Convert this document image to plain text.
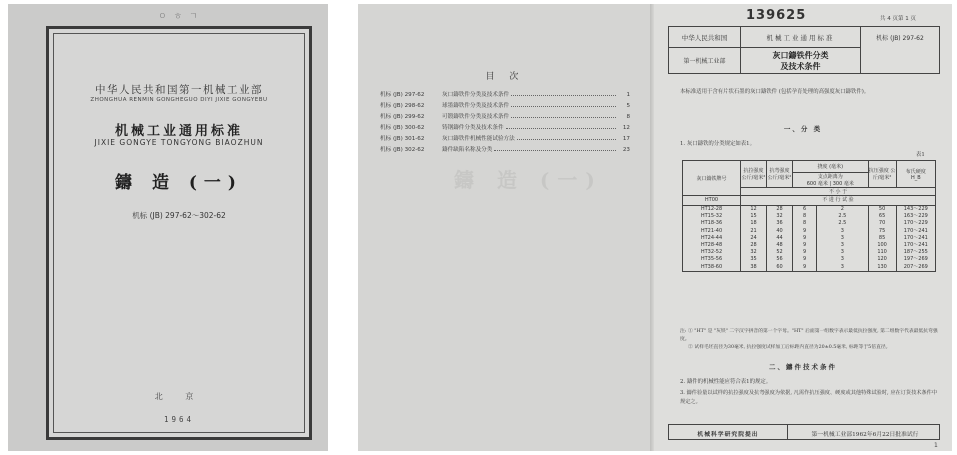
ㅇ ㅎ ㄱ
中华人民共和国第一机械工业部
ZHONGHUA RENMIN GONGHEGUO DIYI JIXIE GONGYEBU
机械工业通用标准
JIXIE GONGYE TONGYONG BIAOZHUN
鑄 造 (一)
机标 (JB) 297-62～302-62
北 京
1964
鑄 造 (一)
目 次
机标 (JB) 297-62	灰口鑄铁件分类及技术条件	1
机标 (JB) 298-62	球墨鑄铁件分类及技术条件	5
机标 (JB) 299-62	可锻鑄铁件分类及技术条件	8
机标 (JB) 300-62	铸钢鑄件分类及技术条件	12
机标 (JB) 301-62	灰口鑄铁件机械性能试验方法	17
机标 (JB) 302-62	鑄件缺陷名称及分类	23
139625	共 4 页第 1 页
中华人民共和国
第一机械工业部
机械工业通用标准
灰口鑄铁件分类
及技术条件
机标 (JB) 297-62
本标准适用于含有片状石墨的灰口鑄铁件 (包括孕育处理的高强度灰口鑄铁件)。
一、分 类
1. 灰口鑄铁的分类规定如表1。
表1
灰口鑄铁牌号	抗拉强度 公斤/毫米²	抗弯强度 公斤/毫米²	挠度 (毫米)		抗压强度 公斤/毫米²	布氏硬度
H_B
			支点距离为
600 毫米 | 300 毫米			
	不 小 于					
HT00	不 进 行 试 验					
HT12-28	12	28	6	2	50	143～229
HT15-32	15	32	8	2.5	65	163～229
HT18-36	18	36	8	2.5	70	170～229
HT21-40	21	40	9	3	75	170～241
HT24-44	24	44	9	3	85	170～241
HT28-48	28	48	9	3	100	170～241
HT32-52	32	52	9	3	110	187～255
HT35-56	35	56	9	3	120	197～269
HT38-60	38	60	9	3	130	207～269
注: ① "HT" 是 "灰铁" 二字汉字拼音的第一个字母。"HT" 后面第一组数字表示最低抗拉强度, 第二组数字代表最低抗弯强度。
② 试样毛坯直径为30毫米, 抗拉强度试样加工后标距内直径为20±0.5毫米, 标距等于5倍直径。
二、鑄件技术条件
2. 鑄件的机械性能应符合表1的规定。
3. 鑄件验量以试样的抗拉强度及抗弯强度为依据, 凡需作抗压强度、硬度或其他特殊试验时, 应在订货技术条件中规定之。
机械科学研究院提出	第一机械工业部1962年6月22日批准试行
1
